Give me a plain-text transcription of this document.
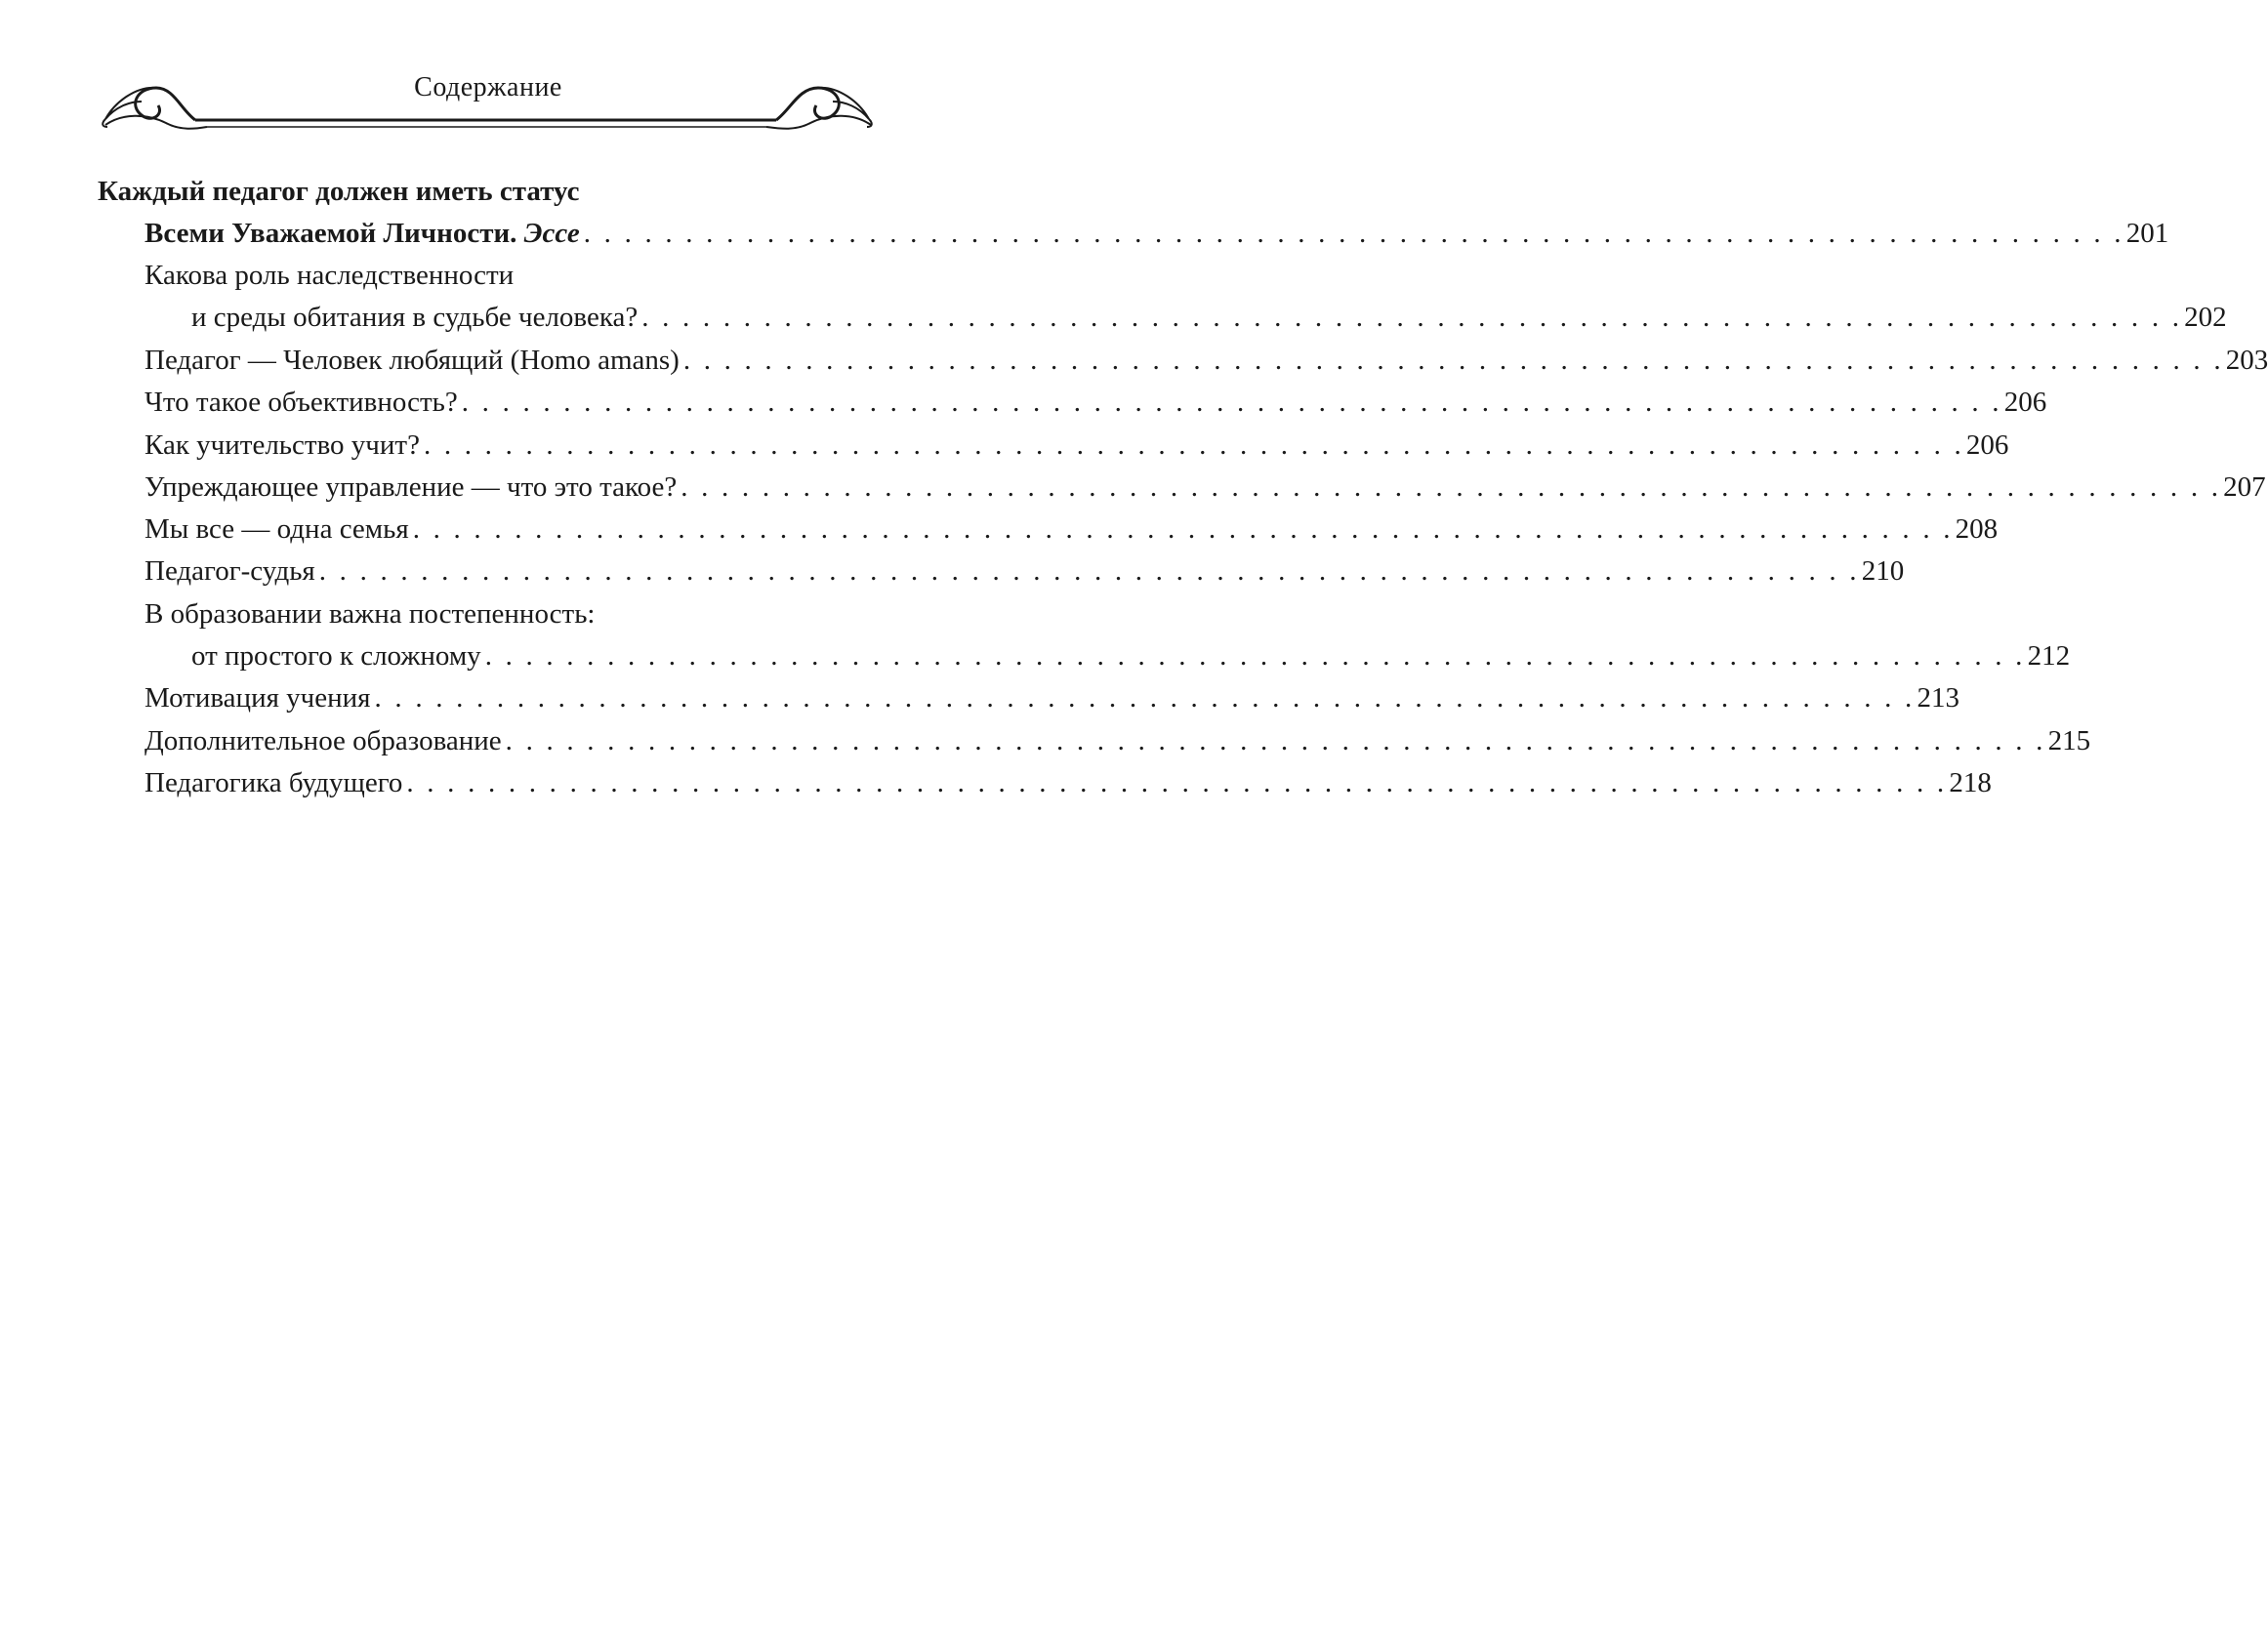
Содержание
Каждый педагог должен иметь статус
Всеми Уважаемой Личности. Эссе . . . . . . . . . . . . . . . . . . . . . . . . . . . . . . . . . . . . . . . . . . . . . . . . . . . . . . . . . . . . . . . . . . . . . . . . . . . . 201
Какова роль наследственности
и среды обитания в судьбе человека? . . . . . . . . . . . . . . . . . . . . . . . . . . . . . . . . . . . . . . . . . . . . . . . . . . . . . . . . . . . . . . . . . . . . . . . . . . . . 202
Педагог — Человек любящий (Homo amans) . . . . . . . . . . . . . . . . . . . . . . . . . . . . . . . . . . . . . . . . . . . . . . . . . . . . . . . . . . . . . . . . . . . . . . . . . . . . 203
Что такое объективность? . . . . . . . . . . . . . . . . . . . . . . . . . . . . . . . . . . . . . . . . . . . . . . . . . . . . . . . . . . . . . . . . . . . . . . . . . . . . 206
Как учительство учит? . . . . . . . . . . . . . . . . . . . . . . . . . . . . . . . . . . . . . . . . . . . . . . . . . . . . . . . . . . . . . . . . . . . . . . . . . . . . 206
Упреждающее управление — что это такое? . . . . . . . . . . . . . . . . . . . . . . . . . . . . . . . . . . . . . . . . . . . . . . . . . . . . . . . . . . . . . . . . . . . . . . . . . . . . 207
Мы все — одна семья . . . . . . . . . . . . . . . . . . . . . . . . . . . . . . . . . . . . . . . . . . . . . . . . . . . . . . . . . . . . . . . . . . . . . . . . . . . . 208
Педагог-судья . . . . . . . . . . . . . . . . . . . . . . . . . . . . . . . . . . . . . . . . . . . . . . . . . . . . . . . . . . . . . . . . . . . . . . . . . . . . 210
В образовании важна постепенность:
от простого к сложному . . . . . . . . . . . . . . . . . . . . . . . . . . . . . . . . . . . . . . . . . . . . . . . . . . . . . . . . . . . . . . . . . . . . . . . . . . . . 212
Мотивация учения . . . . . . . . . . . . . . . . . . . . . . . . . . . . . . . . . . . . . . . . . . . . . . . . . . . . . . . . . . . . . . . . . . . . . . . . . . . . 213
Дополнительное образование . . . . . . . . . . . . . . . . . . . . . . . . . . . . . . . . . . . . . . . . . . . . . . . . . . . . . . . . . . . . . . . . . . . . . . . . . . . . 215
Педагогика будущего . . . . . . . . . . . . . . . . . . . . . . . . . . . . . . . . . . . . . . . . . . . . . . . . . . . . . . . . . . . . . . . . . . . . . . . . . . . . 218
